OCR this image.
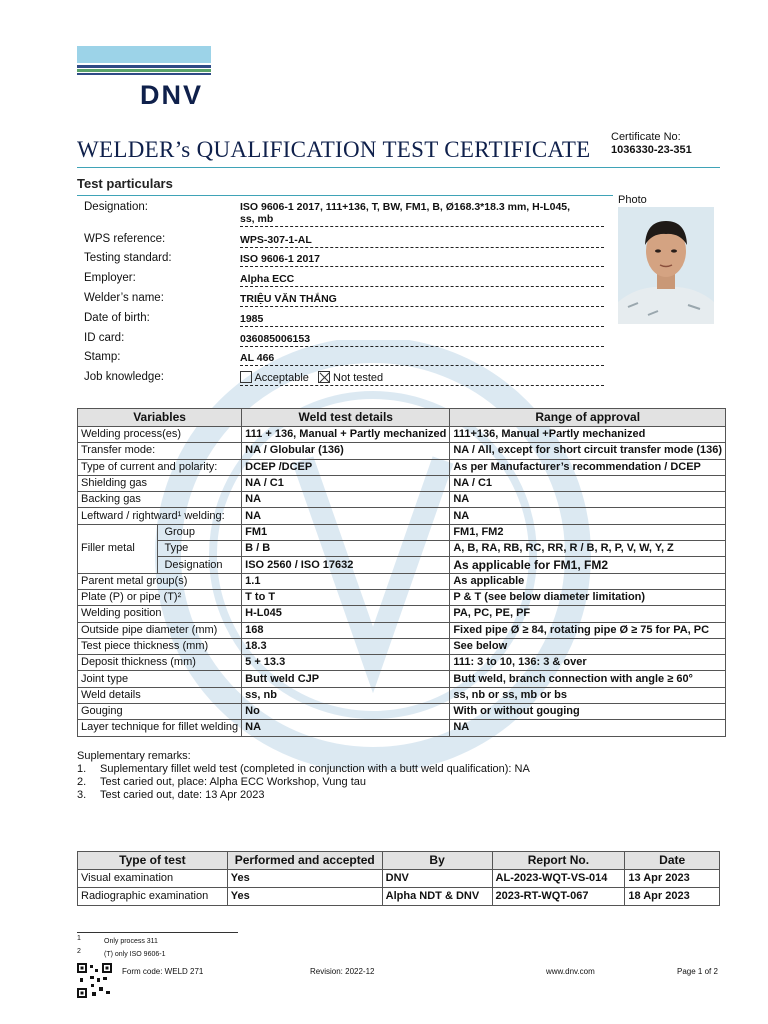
DNV
WELDER’s QUALIFICATION TEST CERTIFICATE Certificate No:
1036330-23-351
Test particulars
Designation:	ISO 9606-1 2017, 111+136, T, BW, FM1, B, Ø168.3*18.3 mm, H-L045,
ss, mb
WPS reference:	WPS-307-1-AL
Testing standard:	ISO 9606-1 2017
Employer:	Alpha ECC
Welder’s name:	TRIỆU VĂN THẮNG
Date of birth:	1985
ID card:	036085006153
Stamp:	AL 466
Job knowledge:	Acceptable Not tested
Photo
Variables		Weld test details	Range of approval
Welding process(es)		111 + 136, Manual + Partly mechanized	111+136, Manual +Partly mechanized
Transfer mode:		NA / Globular (136)	NA / All, except for short circuit transfer mode (136)
Type of current and polarity:		DCEP /DCEP	As per Manufacturer’s recommendation / DCEP
Shielding gas		NA / C1	NA / C1
Backing gas		NA	NA
Leftward / rightward¹ welding:		NA	NA
Filler metal	Group	FM1	FM1, FM2
	Type	B / B	A, B, RA, RB, RC, RR, R / B, R, P, V, W, Y, Z
	Designation	ISO 2560 / ISO 17632	As applicable for FM1, FM2
Parent metal group(s)		1.1	As applicable
Plate (P) or pipe (T)²		T to T	P & T (see below diameter limitation)
Welding position		H-L045	PA, PC, PE, PF
Outside pipe diameter (mm)		168	Fixed pipe Ø ≥ 84, rotating pipe Ø ≥ 75 for PA, PC
Test piece thickness (mm)		18.3	See below
Deposit thickness (mm)		5 + 13.3	111: 3 to 10, 136: 3 & over
Joint type		Butt weld CJP	Butt weld, branch connection with angle ≥ 60°
Weld details		ss, nb	ss, nb or ss, mb or bs
Gouging		No	With or without gouging
Layer technique for fillet welding		NA	NA
Suplementary remarks:
1. Suplementary fillet weld test (completed in conjunction with a butt weld qualification): NA
2. Test caried out, place: Alpha ECC Workshop, Vung tau
3. Test caried out, date: 13 Apr 2023
Type of test	Performed and accepted	By	Report No.	Date
Visual examination	Yes	DNV	AL-2023-WQT-VS-014	13 Apr 2023
Radiographic examination	Yes	Alpha NDT & DNV	2023-RT-WQT-067	18 Apr 2023
1	Only process 311
2	(T) only ISO 9606-1
Form code: WELD 271	Revision: 2022-12	www.dnv.com	Page 1 of 2
